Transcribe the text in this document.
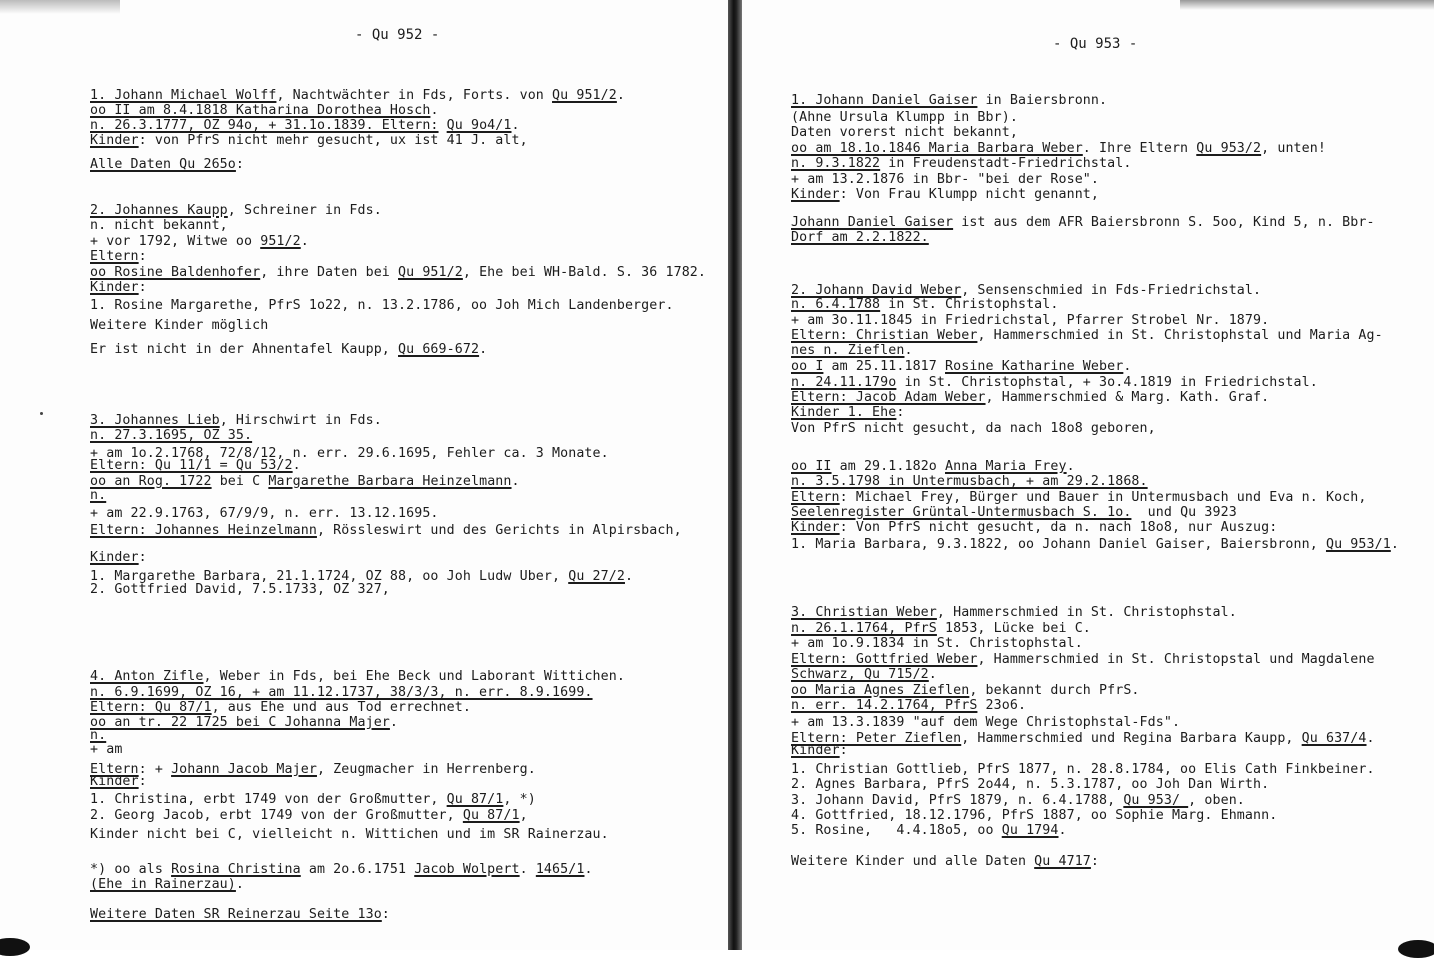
- Qu 952 -
- Qu 953 -
1. Johann Michael Wolff, Nachtwächter in Fds, Forts. von Qu 951/2.
oo II am 8.4.1818 Katharina Dorothea Hosch.
n. 26.3.1777, OZ 94o, + 31.1o.1839. Eltern: Qu 9o4/1.
Kinder: von PfrS nicht mehr gesucht, ux ist 41 J. alt,
Alle Daten Qu 265o:
2. Johannes Kaupp, Schreiner in Fds.
n. nicht bekannt,
+ vor 1792, Witwe oo 951/2.
Eltern:
oo Rosine Baldenhofer, ihre Daten bei Qu 951/2, Ehe bei WH-Bald. S. 36 1782.
Kinder:
1. Rosine Margarethe, PfrS 1o22, n. 13.2.1786, oo Joh Mich Landenberger.
Weitere Kinder möglich
Er ist nicht in der Ahnentafel Kaupp, Qu 669-672.
3. Johannes Lieb, Hirschwirt in Fds.
n. 27.3.1695, OZ 35.
+ am 1o.2.1768, 72/8/12, n. err. 29.6.1695, Fehler ca. 3 Monate.
Eltern: Qu 11/1 = Qu 53/2.
oo an Rog. 1722 bei C Margarethe Barbara Heinzelmann.
n.
+ am 22.9.1763, 67/9/9, n. err. 13.12.1695.
Eltern: Johannes Heinzelmann, Rössleswirt und des Gerichts in Alpirsbach,
Kinder:
1. Margarethe Barbara, 21.1.1724, OZ 88, oo Joh Ludw Uber, Qu 27/2.
2. Gottfried David, 7.5.1733, OZ 327,
4. Anton Zifle, Weber in Fds, bei Ehe Beck und Laborant Wittichen.
n. 6.9.1699, OZ 16, + am 11.12.1737, 38/3/3, n. err. 8.9.1699.
Eltern: Qu 87/1, aus Ehe und aus Tod errechnet.
oo an tr. 22 1725 bei C Johanna Majer.
n.
+ am
Eltern: + Johann Jacob Majer, Zeugmacher in Herrenberg.
Kinder:
1. Christina, erbt 1749 von der Großmutter, Qu 87/1, *)
2. Georg Jacob, erbt 1749 von der Großmutter, Qu 87/1,
Kinder nicht bei C, vielleicht n. Wittichen und im SR Rainerzau.
*) oo als Rosina Christina am 2o.6.1751 Jacob Wolpert. 1465/1.
(Ehe in Rainerzau).
Weitere Daten SR Reinerzau Seite 13o:
1. Johann Daniel Gaiser in Baiersbronn.
(Ahne Ursula Klumpp in Bbr).
Daten vorerst nicht bekannt,
oo am 18.1o.1846 Maria Barbara Weber. Ihre Eltern Qu 953/2, unten!
n. 9.3.1822 in Freudenstadt-Friedrichstal.
+ am 13.2.1876 in Bbr- "bei der Rose".
Kinder: Von Frau Klumpp nicht genannt,
Johann Daniel Gaiser ist aus dem AFR Baiersbronn S. 5oo, Kind 5, n. Bbr-
Dorf am 2.2.1822.
2. Johann David Weber, Sensenschmied in Fds-Friedrichstal.
n. 6.4.1788 in St. Christophstal.
+ am 3o.11.1845 in Friedrichstal, Pfarrer Strobel Nr. 1879.
Eltern: Christian Weber, Hammerschmied in St. Christophstal und Maria Ag-
nes n. Zieflen.
oo I am 25.11.1817 Rosine Katharine Weber.
n. 24.11.179o in St. Christophstal, + 3o.4.1819 in Friedrichstal.
Eltern: Jacob Adam Weber, Hammerschmied & Marg. Kath. Graf.
Kinder 1. Ehe:
Von PfrS nicht gesucht, da nach 18o8 geboren,
oo II am 29.1.182o Anna Maria Frey.
n. 3.5.1798 in Untermusbach, + am 29.2.1868.
Eltern: Michael Frey, Bürger und Bauer in Untermusbach und Eva n. Koch,
Seelenregister Grüntal-Untermusbach S. 1o.  und Qu 3923
Kinder: Von PfrS nicht gesucht, da n. nach 18o8, nur Auszug:
1. Maria Barbara, 9.3.1822, oo Johann Daniel Gaiser, Baiersbronn, Qu 953/1.
3. Christian Weber, Hammerschmied in St. Christophstal.
n. 26.1.1764, PfrS 1853, Lücke bei C.
+ am 1o.9.1834 in St. Christophstal.
Eltern: Gottfried Weber, Hammerschmied in St. Christopstal und Magdalene
Schwarz, Qu 715/2.
oo Maria Agnes Zieflen, bekannt durch PfrS.
n. err. 14.2.1764, PfrS 23o6.
+ am 13.3.1839 "auf dem Wege Christophstal-Fds".
Eltern: Peter Zieflen, Hammerschmied und Regina Barbara Kaupp, Qu 637/4.
Kinder:
1. Christian Gottlieb, PfrS 1877, n. 28.8.1784, oo Elis Cath Finkbeiner.
2. Agnes Barbara, PfrS 2o44, n. 5.3.1787, oo Joh Dan Wirth.
3. Johann David, PfrS 1879, n. 6.4.1788, Qu 953/ , oben.
4. Gottfried, 18.12.1796, PfrS 1887, oo Sophie Marg. Ehmann.
5. Rosine,   4.4.18o5, oo Qu 1794.
Weitere Kinder und alle Daten Qu 4717:
